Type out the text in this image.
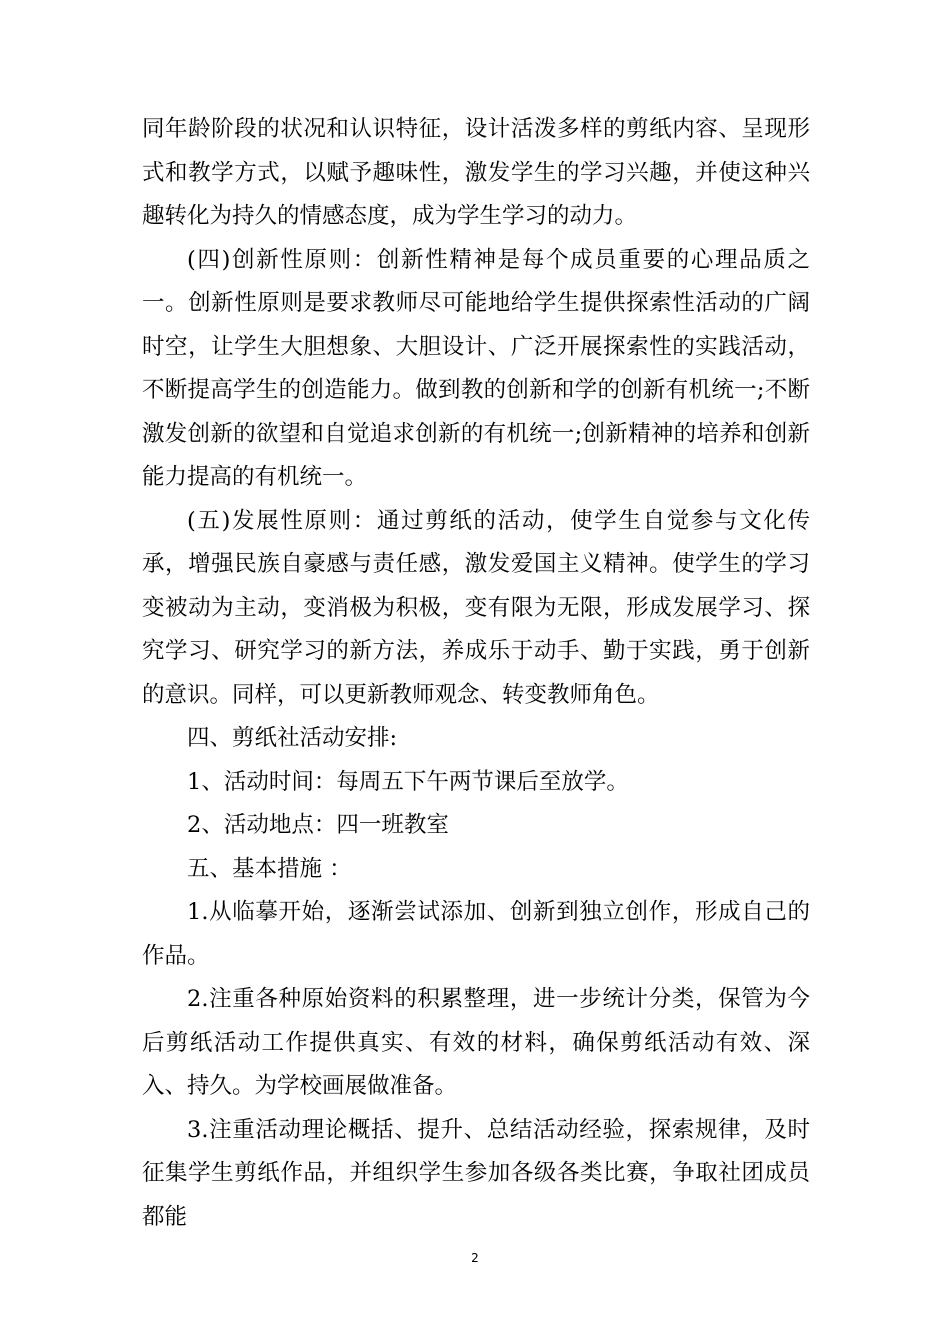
同年龄阶段的状况和认识特征，设计活泼多样的剪纸内容、呈现形式和教学方式，以赋予趣味性，激发学生的学习兴趣，并使这种兴趣转化为持久的情感态度，成为学生学习的动力。

(四)创新性原则：创新性精神是每个成员重要的心理品质之一。创新性原则是要求教师尽可能地给学生提供探索性活动的广阔时空，让学生大胆想象、大胆设计、广泛开展探索性的实践活动，不断提高学生的创造能力。做到教的创新和学的创新有机统一;不断激发创新的欲望和自觉追求创新的有机统一;创新精神的培养和创新能力提高的有机统一。

(五)发展性原则：通过剪纸的活动，使学生自觉参与文化传承，增强民族自豪感与责任感，激发爱国主义精神。使学生的学习变被动为主动，变消极为积极，变有限为无限，形成发展学习、探究学习、研究学习的新方法，养成乐于动手、勤于实践，勇于创新的意识。同样，可以更新教师观念、转变教师角色。

四、剪纸社活动安排:

1、活动时间：每周五下午两节课后至放学。

2、活动地点：四一班教室

五、基本措施 ：

1.从临摹开始，逐渐尝试添加、创新到独立创作，形成自己的作品。

2.注重各种原始资料的积累整理，进一步统计分类，保管为今后剪纸活动工作提供真实、有效的材料，确保剪纸活动有效、深入、持久。为学校画展做准备。

3.注重活动理论概括、提升、总结活动经验，探索规律，及时征集学生剪纸作品，并组织学生参加各级各类比赛，争取社团成员都能

2
